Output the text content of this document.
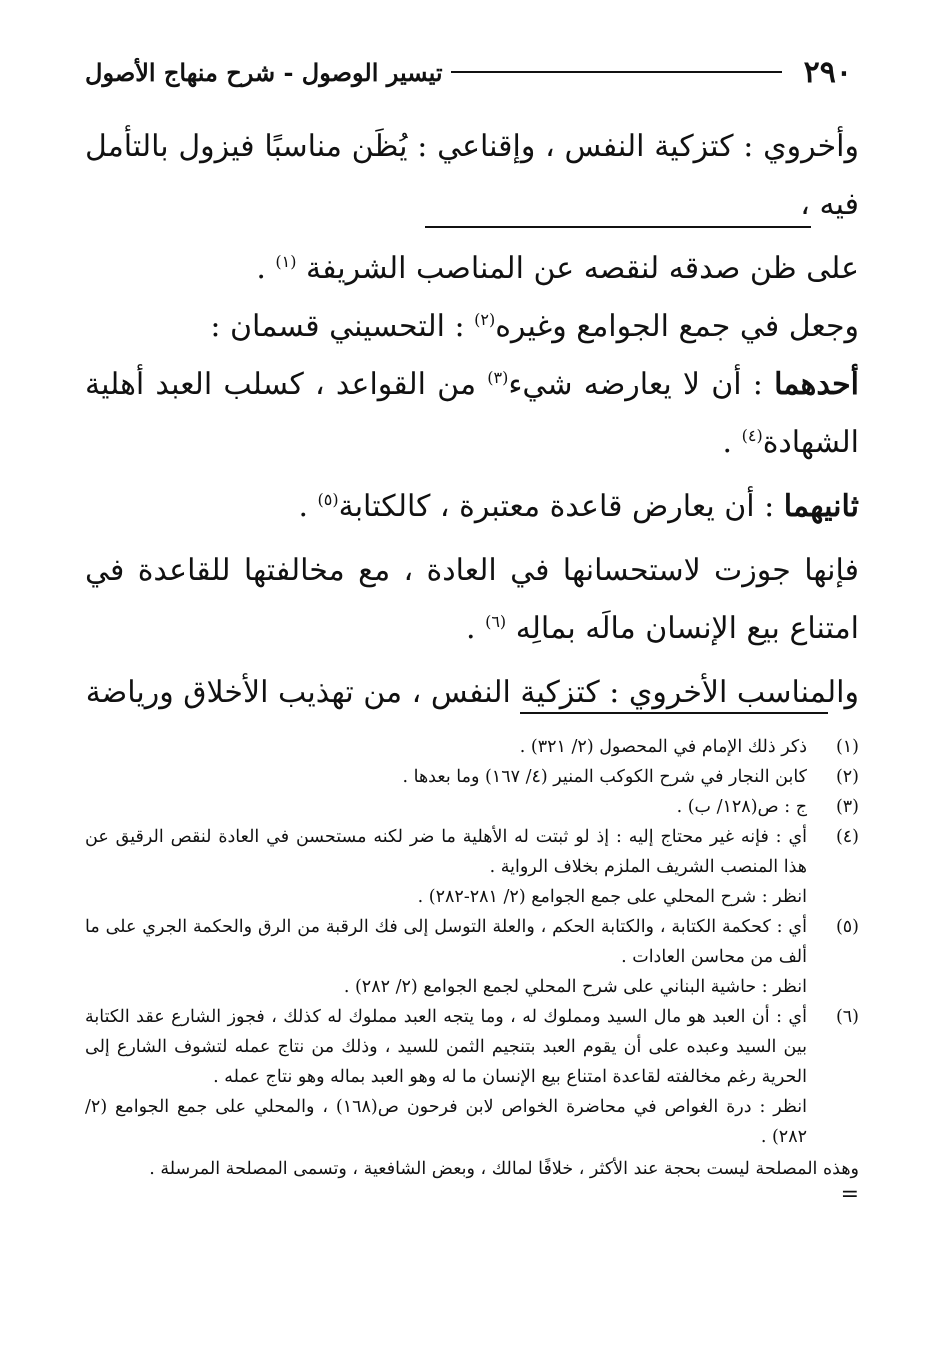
٢٩٠
تيسير الوصول - شرح منهاج الأصول

وأخروي : كتزكية النفس ، وإقناعي : يُظَن مناسبًا فيزول بالتأمل فيه ،

على ظن صدقه لنقصه عن المناصب الشريفة $^{(١)}$ .

وجعل في جمع الجوامع وغيره$^{(٢)}$ : التحسيني قسمان :

أحدهما : أن لا يعارضه شيء$^{(٣)}$ من القواعد ، كسلب العبد أهلية الشهادة$^{(٤)}$ .

ثانيهما : أن يعارض قاعدة معتبرة ، كالكتابة$^{(٥)}$ .

فإنها جوزت لاستحسانها في العادة ، مع مخالفتها للقاعدة في امتناع بيع الإنسان مالَه بمالِه $^{(٦)}$ .

والمناسب الأخروي : كتزكية النفس ، من تهذيب الأخلاق ورياضة

(١)

ذكر ذلك الإمام في المحصول (٢/ ٣٢١) .

(٢)

كابن النجار في شرح الكوكب المنير (٤/ ١٦٧) وما بعدها .

(٣)

ج : ص(١٢٨/ ب) .

(٤)

أي : فإنه غير محتاج إليه : إذ لو ثبتت له الأهلية ما ضر لكنه مستحسن في العادة لنقص الرقيق عن هذا المنصب الشريف الملزم بخلاف الرواية .

انظر : شرح المحلي على جمع الجوامع (٢/ ٢٨١-٢٨٢) .

(٥)

أي : كحكمة الكتابة ، والكتابة الحكم ، والعلة التوسل إلى فك الرقبة من الرق والحكمة الجري على ما ألف من محاسن العادات .

انظر : حاشية البناني على شرح المحلي لجمع الجوامع (٢/ ٢٨٢) .

(٦)

أي : أن العبد هو مال السيد ومملوك له ، وما يتجه العبد مملوك له كذلك ، فجوز الشارع عقد الكتابة بين السيد وعبده على أن يقوم العبد بتنجيم الثمن للسيد ، وذلك من نتاج عمله لتشوف الشارع إلى الحرية رغم مخالفته لقاعدة امتناع بيع الإنسان ما له وهو العبد بماله وهو نتاج عمله .

انظر : درة الغواص في محاضرة الخواص لابن فرحون ص(١٦٨) ، والمحلي على جمع الجوامع (٢/ ٢٨٢) .

وهذه المصلحة ليست بحجة عند الأكثر ، خلافًا لمالك ، وبعض الشافعية ، وتسمى المصلحة المرسلة .

=
